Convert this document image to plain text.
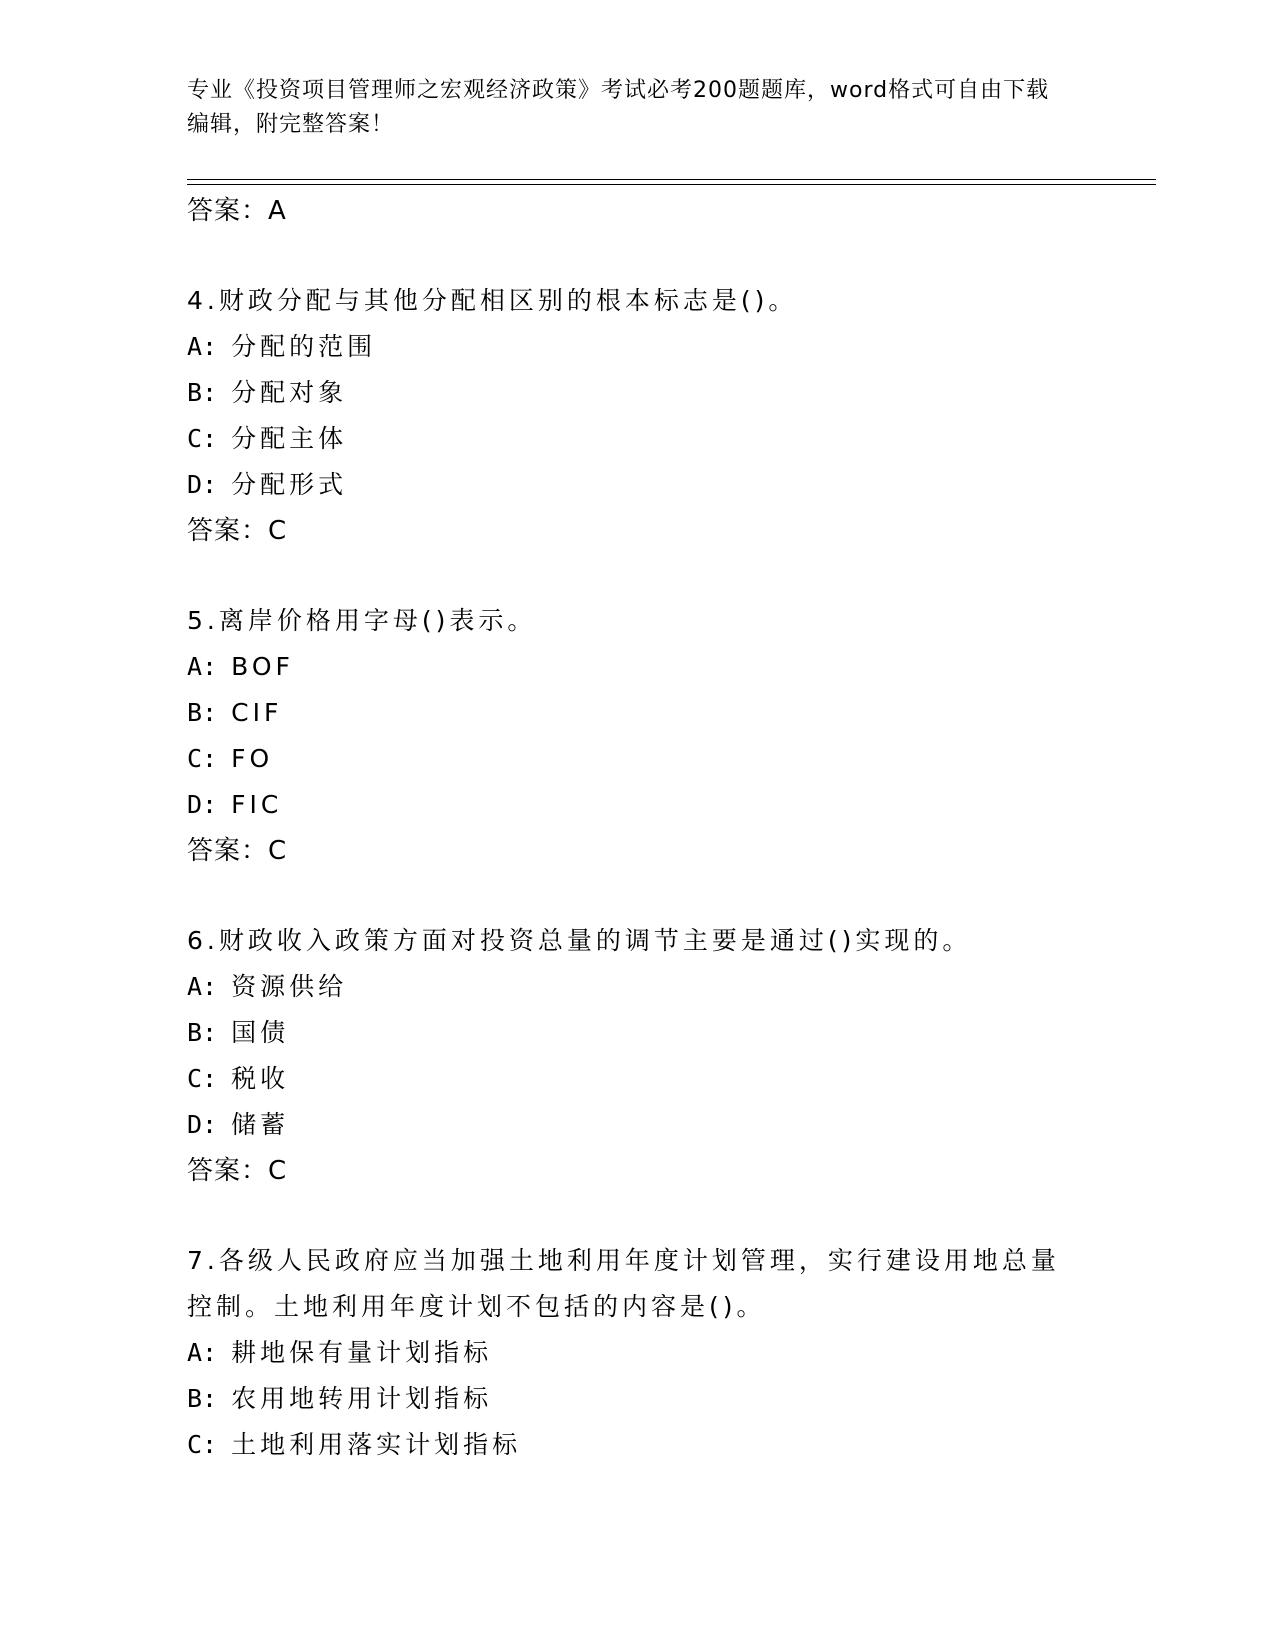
专业《投资项目管理师之宏观经济政策》考试必考200题题库，word格式可自由下载编辑，附完整答案！
答案：A
4.财政分配与其他分配相区别的根本标志是()。
A: 分配的范围
B: 分配对象
C: 分配主体
D: 分配形式
答案：C
5.离岸价格用字母()表示。
A: BOF
B: CIF
C: FO
D: FIC
答案：C
6.财政收入政策方面对投资总量的调节主要是通过()实现的。
A: 资源供给
B: 国债
C: 税收
D: 储蓄
答案：C
7.各级人民政府应当加强土地利用年度计划管理，实行建设用地总量控制。土地利用年度计划不包括的内容是()。
A: 耕地保有量计划指标
B: 农用地转用计划指标
C: 土地利用落实计划指标
